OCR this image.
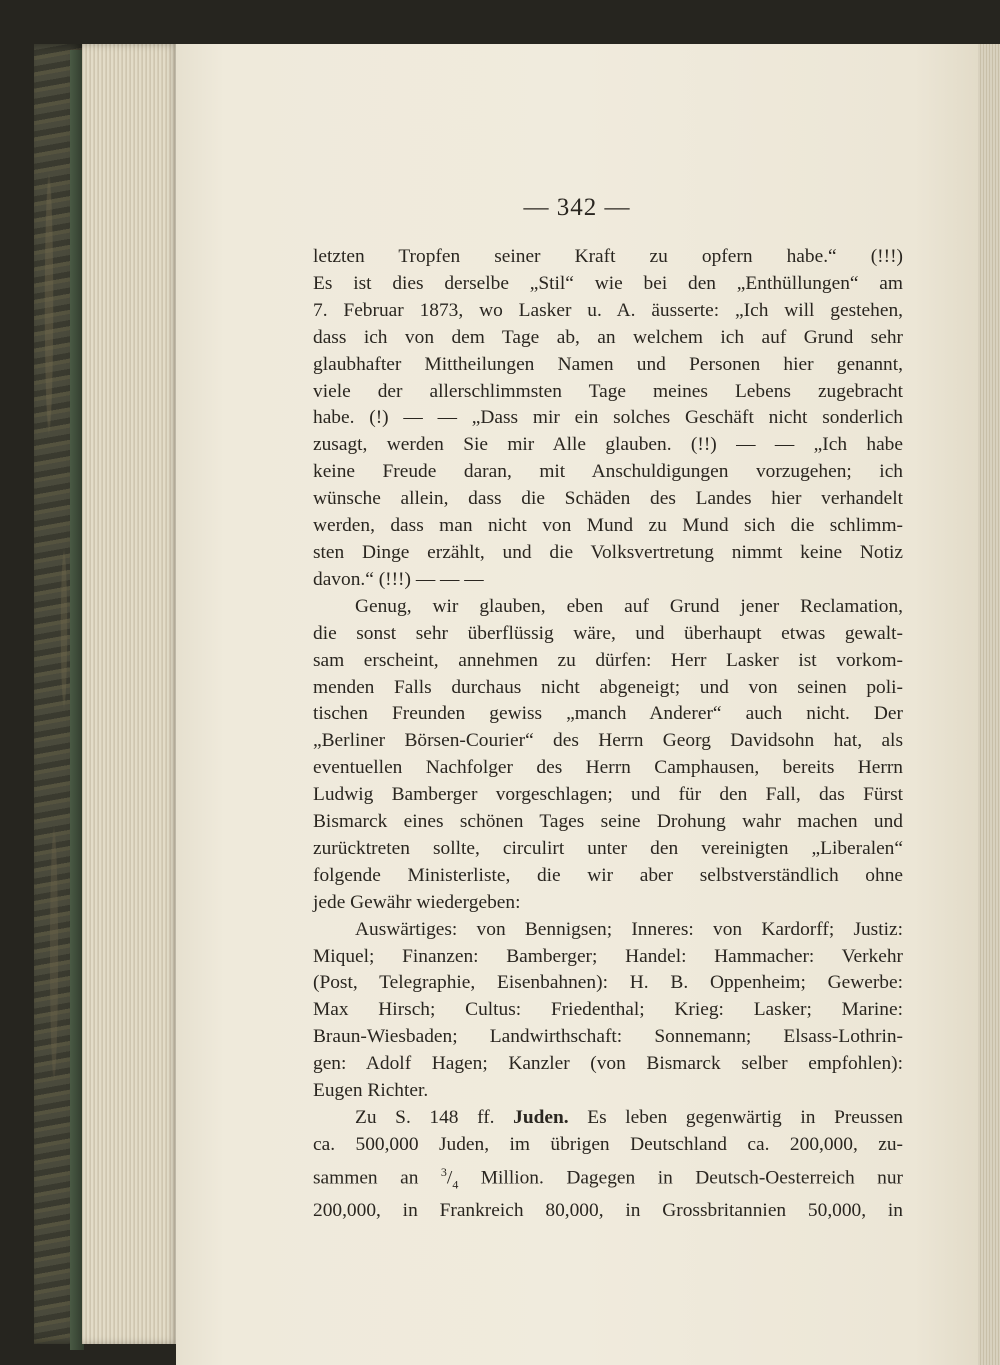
— 342 —
letzten Tropfen seiner Kraft zu opfern habe.“ (!!!)
Es ist dies derselbe „Stil“ wie bei den „Enthüllungen“ am
7. Februar 1873, wo Lasker u. A. äusserte: „Ich will gestehen,
dass ich von dem Tage ab, an welchem ich auf Grund sehr
glaubhafter Mittheilungen Namen und Personen hier genannt,
viele der allerschlimmsten Tage meines Lebens zugebracht
habe. (!) — — „Dass mir ein solches Geschäft nicht sonderlich
zusagt, werden Sie mir Alle glauben. (!!) — — „Ich habe
keine Freude daran, mit Anschuldigungen vorzugehen; ich
wünsche allein, dass die Schäden des Landes hier verhandelt
werden, dass man nicht von Mund zu Mund sich die schlimm-
sten Dinge erzählt, und die Volksvertretung nimmt keine Notiz
davon.“ (!!!) — — —
Genug, wir glauben, eben auf Grund jener Reclamation,
die sonst sehr überflüssig wäre, und überhaupt etwas gewalt-
sam erscheint, annehmen zu dürfen: Herr Lasker ist vorkom-
menden Falls durchaus nicht abgeneigt; und von seinen poli-
tischen Freunden gewiss „manch Anderer“ auch nicht. Der
„Berliner Börsen-Courier“ des Herrn Georg Davidsohn hat, als
eventuellen Nachfolger des Herrn Camphausen, bereits Herrn
Ludwig Bamberger vorgeschlagen; und für den Fall, das Fürst
Bismarck eines schönen Tages seine Drohung wahr machen und
zurücktreten sollte, circulirt unter den vereinigten „Liberalen“
folgende Ministerliste, die wir aber selbstverständlich ohne
jede Gewähr wiedergeben:
Auswärtiges: von Bennigsen; Inneres: von Kardorff; Justiz:
Miquel; Finanzen: Bamberger; Handel: Hammacher: Verkehr
(Post, Telegraphie, Eisenbahnen): H. B. Oppenheim; Gewerbe:
Max Hirsch; Cultus: Friedenthal; Krieg: Lasker; Marine:
Braun-Wiesbaden; Landwirthschaft: Sonnemann; Elsass-Lothrin-
gen: Adolf Hagen; Kanzler (von Bismarck selber empfohlen):
Eugen Richter.
Zu S. 148 ff. Juden. Es leben gegenwärtig in Preussen
ca. 500,000 Juden, im übrigen Deutschland ca. 200,000, zu-
sammen an $^3/_4$ Million. Dagegen in Deutsch-Oesterreich nur
200,000, in Frankreich 80,000, in Grossbritannien 50,000, in
